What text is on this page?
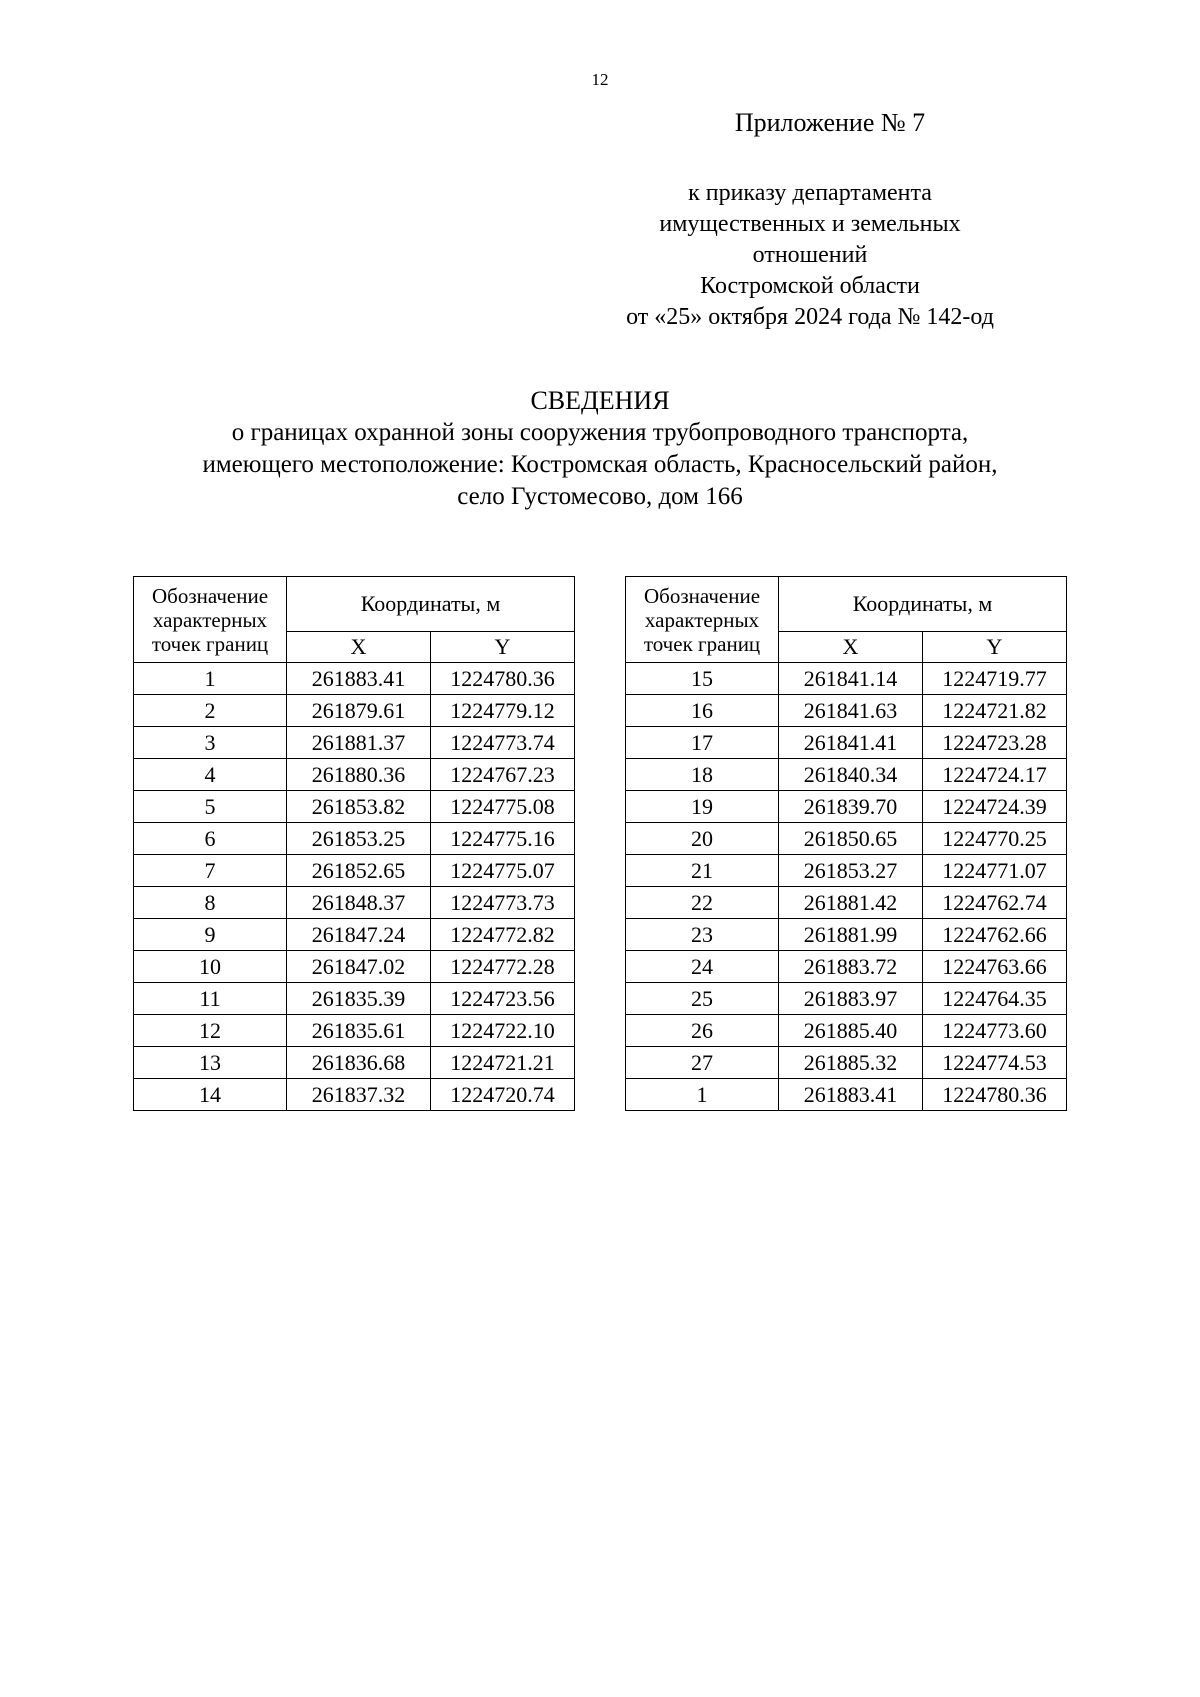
12
Приложение № 7
к приказу департамента
имущественных и земельных
отношений
Костромской области
от «25» октября 2024 года № 142-од
СВЕДЕНИЯ
о границах охранной зоны сооружения трубопроводного транспорта,
имеющего местоположение: Костромская область, Красносельский район,
село Густомесово, дом 166
Обозначение
характерных
точек границ	Координаты, м	
	X	Y
1	261883.41	1224780.36
2	261879.61	1224779.12
3	261881.37	1224773.74
4	261880.36	1224767.23
5	261853.82	1224775.08
6	261853.25	1224775.16
7	261852.65	1224775.07
8	261848.37	1224773.73
9	261847.24	1224772.82
10	261847.02	1224772.28
11	261835.39	1224723.56
12	261835.61	1224722.10
13	261836.68	1224721.21
14	261837.32	1224720.74
Обозначение
характерных
точек границ	Координаты, м	
	X	Y
15	261841.14	1224719.77
16	261841.63	1224721.82
17	261841.41	1224723.28
18	261840.34	1224724.17
19	261839.70	1224724.39
20	261850.65	1224770.25
21	261853.27	1224771.07
22	261881.42	1224762.74
23	261881.99	1224762.66
24	261883.72	1224763.66
25	261883.97	1224764.35
26	261885.40	1224773.60
27	261885.32	1224774.53
1	261883.41	1224780.36
